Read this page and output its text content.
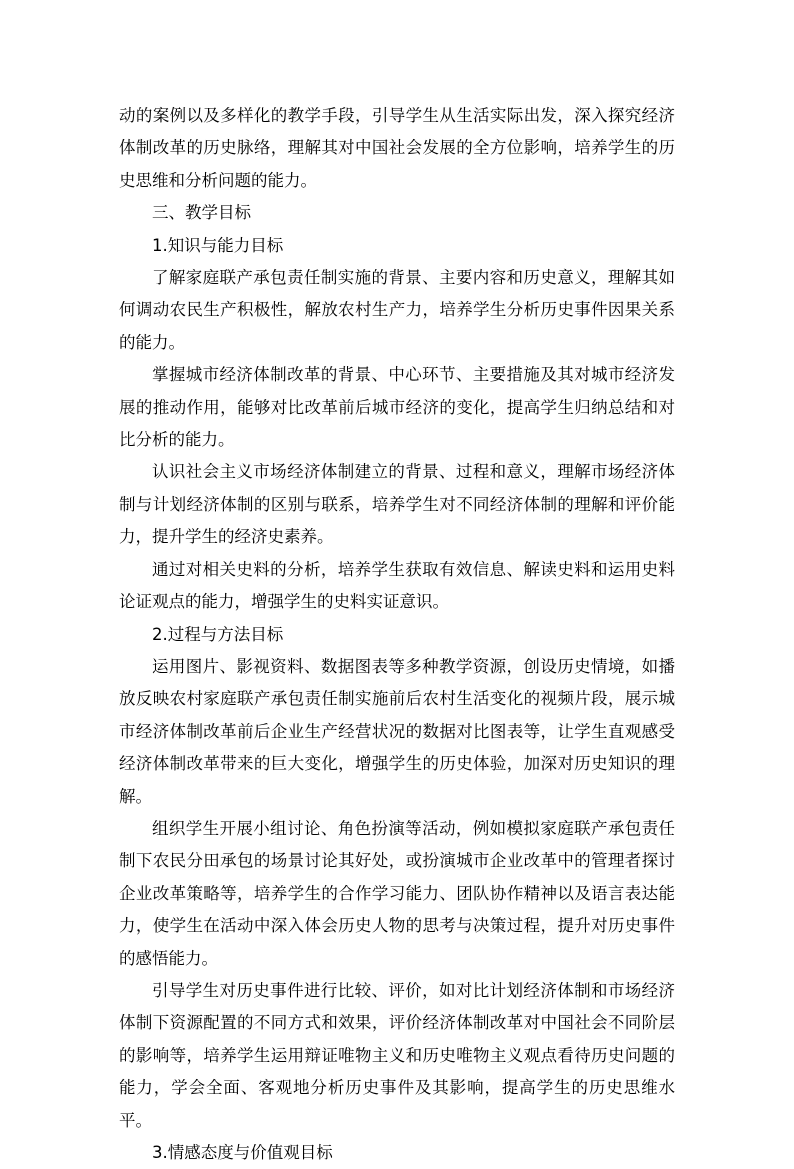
动的案例以及多样化的教学手段，引导学生从生活实际出发，深入探究经济体制改革的历史脉络，理解其对中国社会发展的全方位影响，培养学生的历史思维和分析问题的能力。

三、教学目标

1.知识与能力目标

了解家庭联产承包责任制实施的背景、主要内容和历史意义，理解其如何调动农民生产积极性，解放农村生产力，培养学生分析历史事件因果关系的能力。

掌握城市经济体制改革的背景、中心环节、主要措施及其对城市经济发展的推动作用，能够对比改革前后城市经济的变化，提高学生归纳总结和对比分析的能力。

认识社会主义市场经济体制建立的背景、过程和意义，理解市场经济体制与计划经济体制的区别与联系，培养学生对不同经济体制的理解和评价能力，提升学生的经济史素养。

通过对相关史料的分析，培养学生获取有效信息、解读史料和运用史料论证观点的能力，增强学生的史料实证意识。

2.过程与方法目标

运用图片、影视资料、数据图表等多种教学资源，创设历史情境，如播放反映农村家庭联产承包责任制实施前后农村生活变化的视频片段，展示城市经济体制改革前后企业生产经营状况的数据对比图表等，让学生直观感受经济体制改革带来的巨大变化，增强学生的历史体验，加深对历史知识的理解。

组织学生开展小组讨论、角色扮演等活动，例如模拟家庭联产承包责任制下农民分田承包的场景讨论其好处，或扮演城市企业改革中的管理者探讨企业改革策略等，培养学生的合作学习能力、团队协作精神以及语言表达能力，使学生在活动中深入体会历史人物的思考与决策过程，提升对历史事件的感悟能力。

引导学生对历史事件进行比较、评价，如对比计划经济体制和市场经济体制下资源配置的不同方式和效果，评价经济体制改革对中国社会不同阶层的影响等，培养学生运用辩证唯物主义和历史唯物主义观点看待历史问题的能力，学会全面、客观地分析历史事件及其影响，提高学生的历史思维水平。

3.情感态度与价值观目标
